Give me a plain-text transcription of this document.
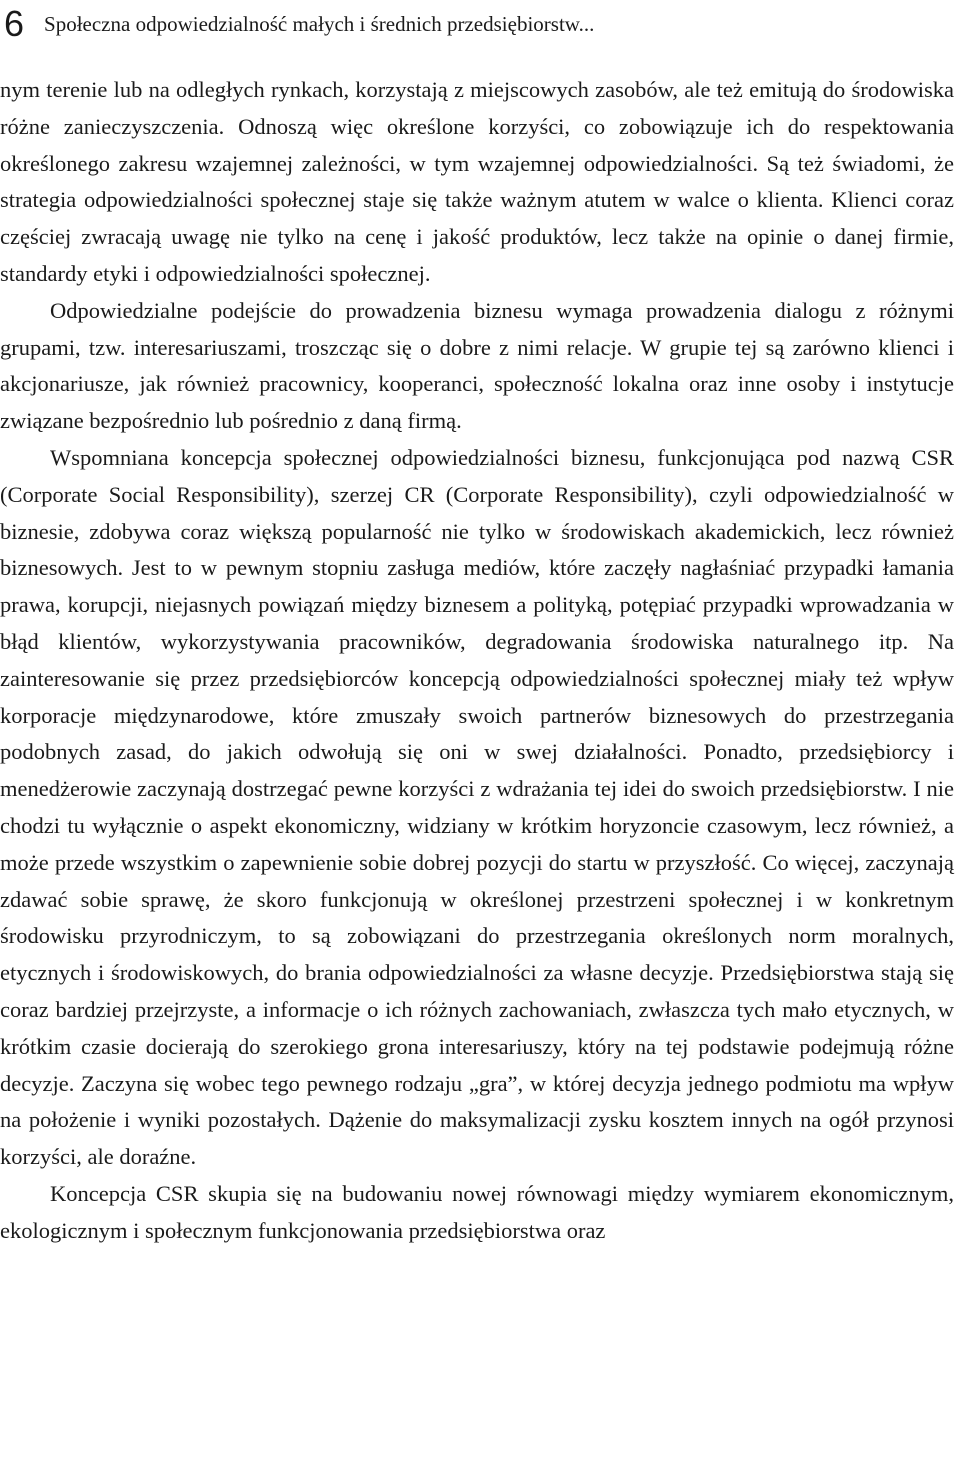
6 Społeczna odpowiedzialność małych i średnich przedsiębiorstw...

nym terenie lub na odległych rynkach, korzystają z miejscowych zasobów, ale też emitują do środowiska różne zanieczyszczenia. Odnoszą więc określone korzyści, co zobowiązuje ich do respektowania określonego zakresu wzajemnej zależności, w tym wzajemnej odpowiedzialności. Są też świadomi, że strategia odpowiedzialności społecznej staje się także ważnym atutem w walce o klienta. Klienci coraz częściej zwracają uwagę nie tylko na cenę i jakość produktów, lecz także na opinie o danej firmie, standardy etyki i odpowiedzialności społecznej.

Odpowiedzialne podejście do prowadzenia biznesu wymaga prowadzenia dialogu z różnymi grupami, tzw. interesariuszami, troszcząc się o dobre z nimi relacje. W grupie tej są zarówno klienci i akcjonariusze, jak również pracownicy, kooperanci, społeczność lokalna oraz inne osoby i instytucje związane bezpośrednio lub pośrednio z daną firmą.

Wspomniana koncepcja społecznej odpowiedzialności biznesu, funkcjonująca pod nazwą CSR (Corporate Social Responsibility), szerzej CR (Corporate Responsibility), czyli odpowiedzialność w biznesie, zdobywa coraz większą popularność nie tylko w środowiskach akademickich, lecz również biznesowych. Jest to w pewnym stopniu zasługa mediów, które zaczęły nagłaśniać przypadki łamania prawa, korupcji, niejasnych powiązań między biznesem a polityką, potępiać przypadki wprowadzania w błąd klientów, wykorzystywania pracowników, degradowania środowiska naturalnego itp. Na zainteresowanie się przez przedsiębiorców koncepcją odpowiedzialności społecznej miały też wpływ korporacje międzynarodowe, które zmuszały swoich partnerów biznesowych do przestrzegania podobnych zasad, do jakich odwołują się oni w swej działalności. Ponadto, przedsiębiorcy i menedżerowie zaczynają dostrzegać pewne korzyści z wdrażania tej idei do swoich przedsiębiorstw. I nie chodzi tu wyłącznie o aspekt ekonomiczny, widziany w krótkim horyzoncie czasowym, lecz również, a może przede wszystkim o zapewnienie sobie dobrej pozycji do startu w przyszłość. Co więcej, zaczynają zdawać sobie sprawę, że skoro funkcjonują w określonej przestrzeni społecznej i w konkretnym środowisku przyrodniczym, to są zobowiązani do przestrzegania określonych norm moralnych, etycznych i środowiskowych, do brania odpowiedzialności za własne decyzje. Przedsiębiorstwa stają się coraz bardziej przejrzyste, a informacje o ich różnych zachowaniach, zwłaszcza tych mało etycznych, w krótkim czasie docierają do szerokiego grona interesariuszy, który na tej podstawie podejmują różne decyzje. Zaczyna się wobec tego pewnego rodzaju „gra”, w której decyzja jednego podmiotu ma wpływ na położenie i wyniki pozostałych. Dążenie do maksymalizacji zysku kosztem innych na ogół przynosi korzyści, ale doraźne.

Koncepcja CSR skupia się na budowaniu nowej równowagi między wymiarem ekonomicznym, ekologicznym i społecznym funkcjonowania przedsiębiorstwa oraz
